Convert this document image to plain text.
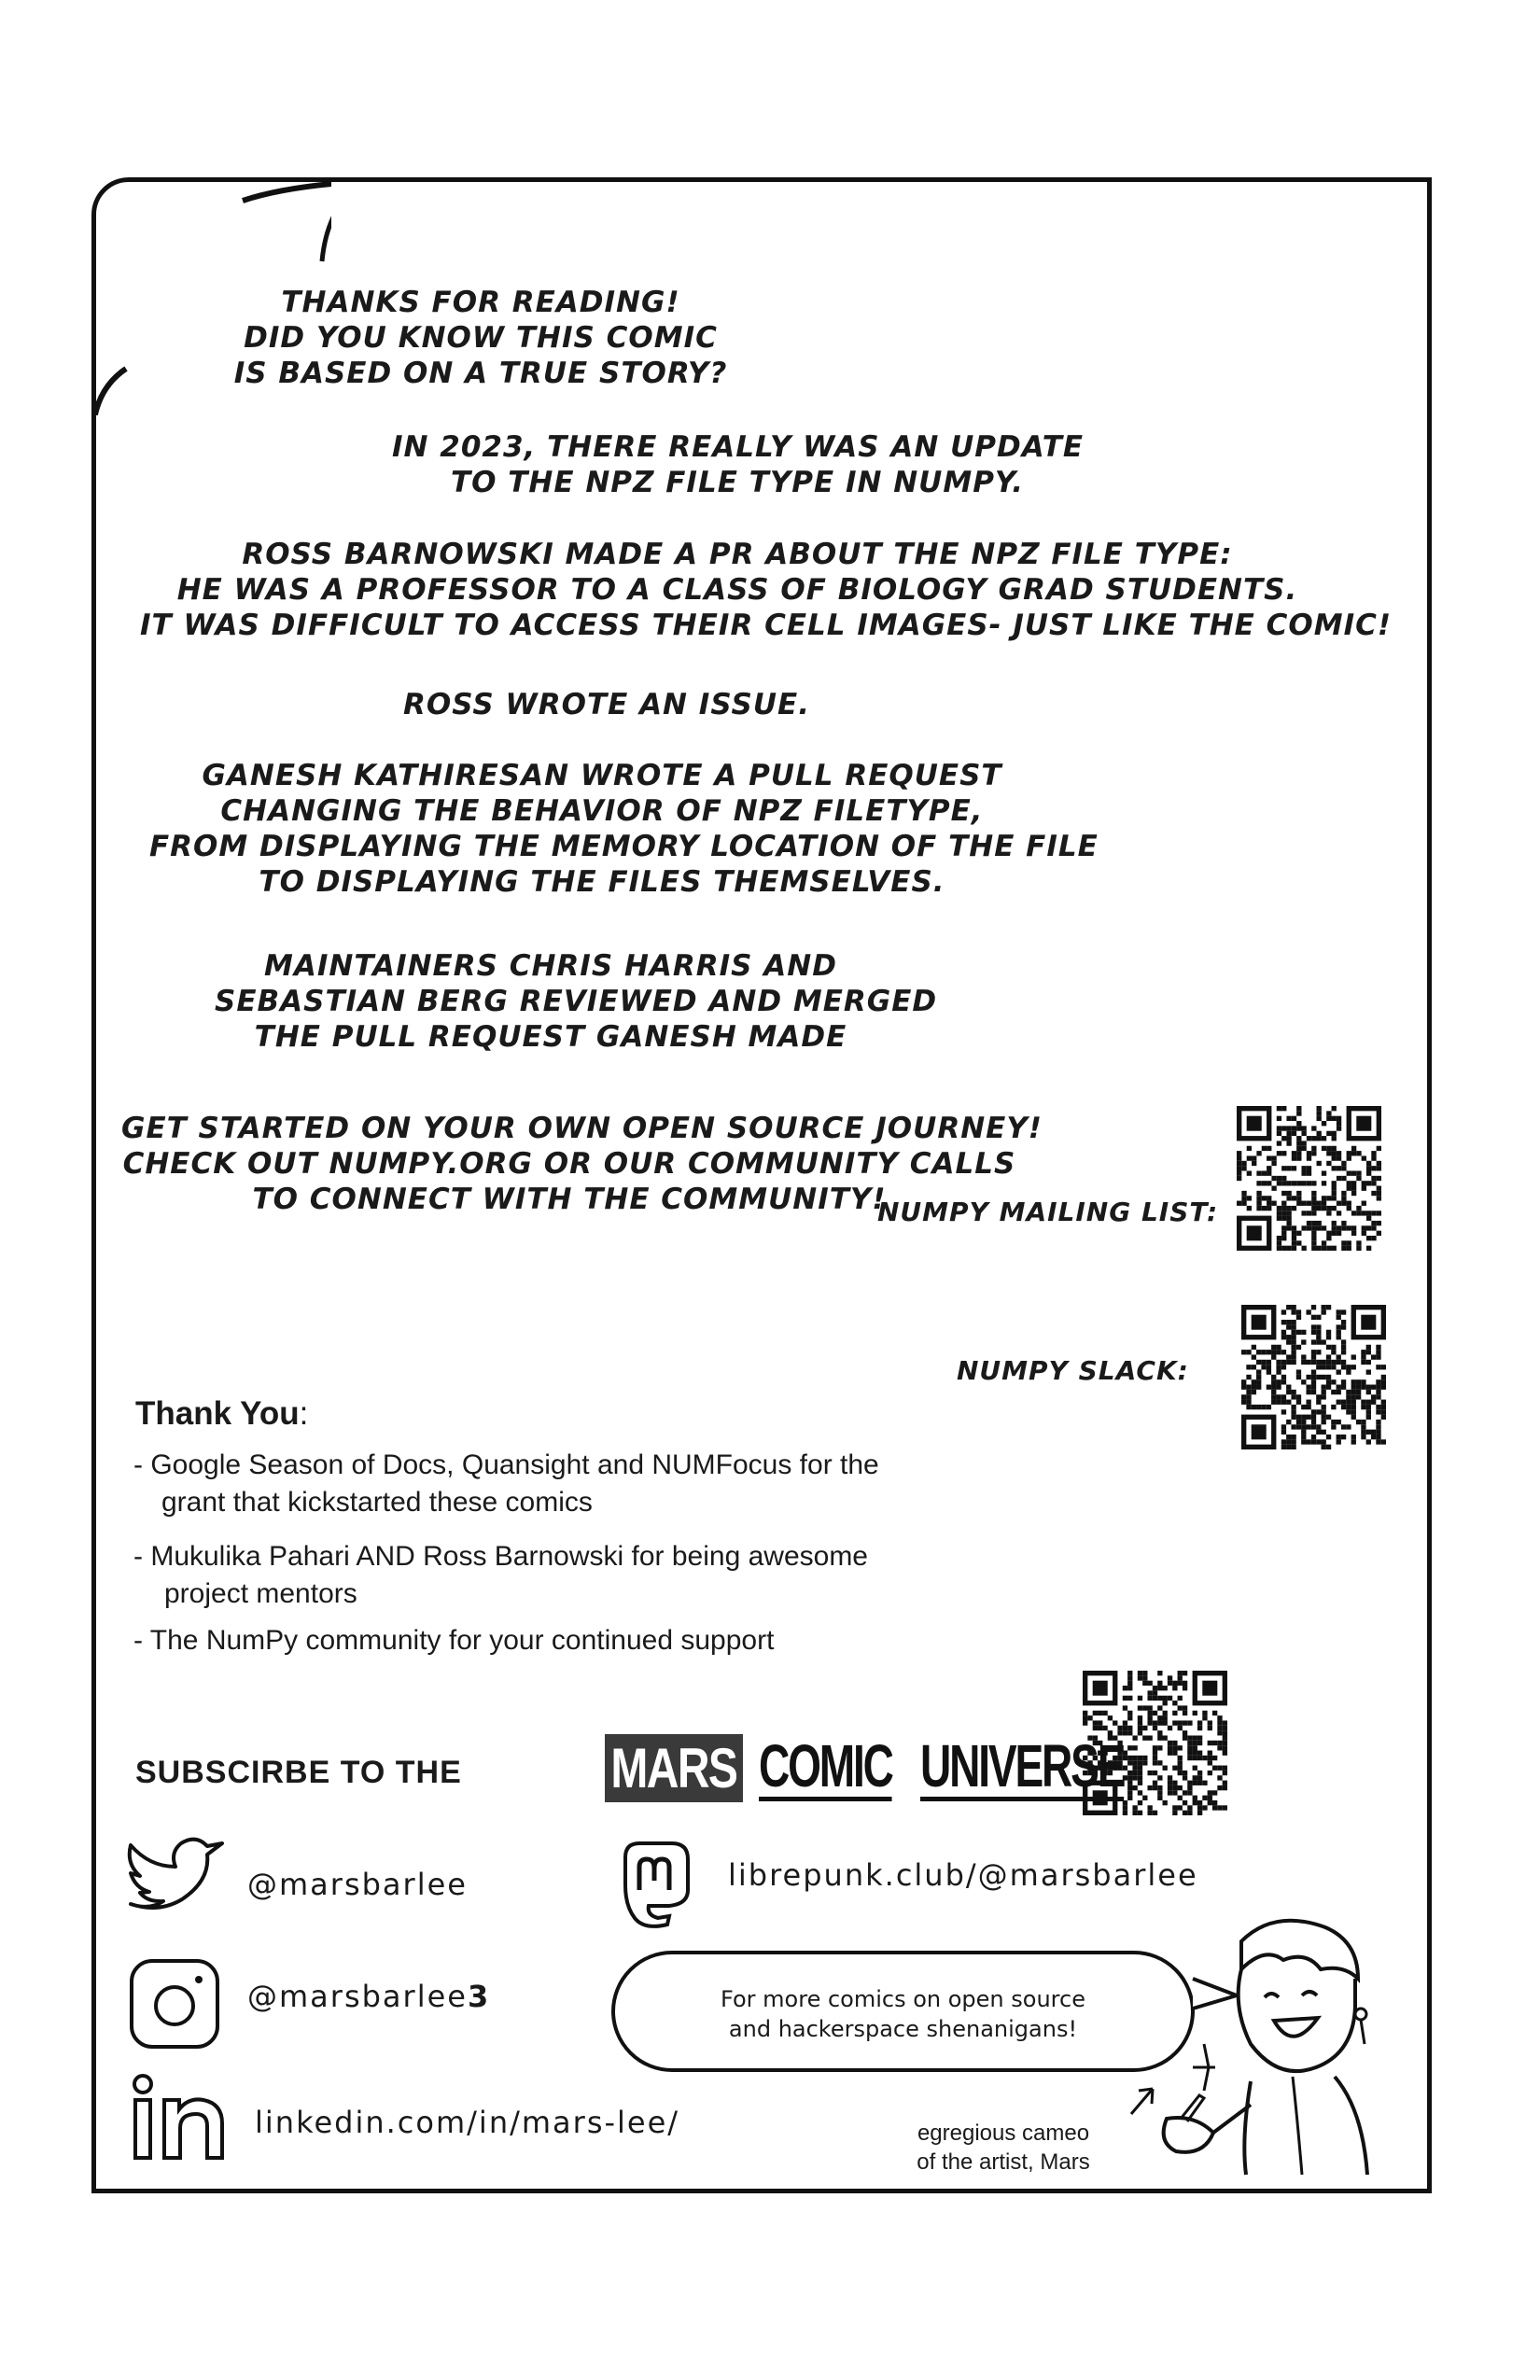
THANKS FOR READING!
DID YOU KNOW THIS COMIC
IS BASED ON A TRUE STORY?
IN 2023, THERE REALLY WAS AN UPDATE
TO THE NPZ FILE TYPE IN NUMPY.
ROSS BARNOWSKI MADE A PR ABOUT THE NPZ FILE TYPE:
HE WAS A PROFESSOR TO A CLASS OF BIOLOGY GRAD STUDENTS.
IT WAS DIFFICULT TO ACCESS THEIR CELL IMAGES- JUST LIKE THE COMIC!
ROSS WROTE AN ISSUE.
GANESH KATHIRESAN WROTE A PULL REQUEST
CHANGING THE BEHAVIOR OF NPZ FILETYPE,
FROM DISPLAYING THE MEMORY LOCATION OF THE FILE
TO DISPLAYING THE FILES THEMSELVES.
MAINTAINERS CHRIS HARRIS AND
SEBASTIAN BERG REVIEWED AND MERGED
THE PULL REQUEST GANESH MADE
GET STARTED ON YOUR OWN OPEN SOURCE JOURNEY!
CHECK OUT NUMPY.ORG OR OUR COMMUNITY CALLS
TO CONNECT WITH THE COMMUNITY!
NUMPY MAILING LIST:
NUMPY SLACK:
Thank You:
- Google Season of Docs, Quansight and NUMFocus for the
grant that kickstarted these comics
- Mukulika Pahari AND Ross Barnowski for being awesome
project mentors
- The NumPy community for your continued support
SUBSCIRBE TO THE	MARS COMIC UNIVERSE
@marsbarlee	librepunk.club/@marsbarlee
@marsbarlee3
linkedin.com/in/mars-lee/
For more comics on open source
and hackerspace shenanigans!
egregious cameo
of the artist, Mars
